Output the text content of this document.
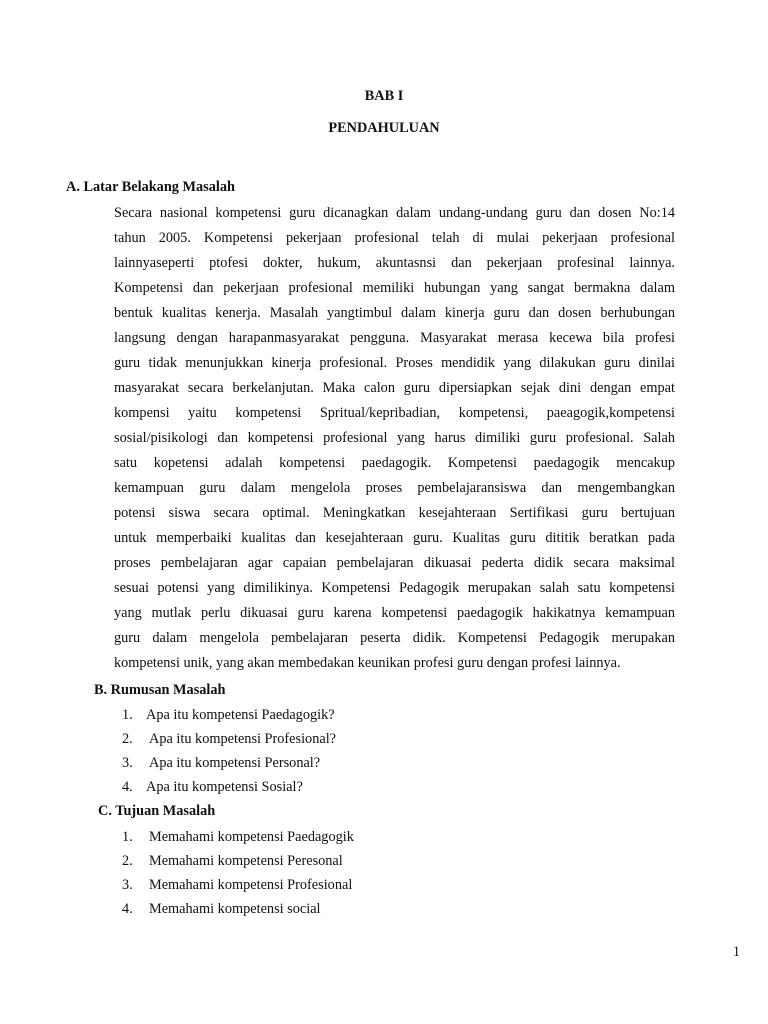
BAB I
PENDAHULUAN
A. Latar Belakang Masalah
Secara nasional kompetensi guru dicanagkan dalam undang-undang guru dan dosen No:14
tahun 2005. Kompetensi pekerjaan profesional telah di mulai pekerjaan profesional
lainnyaseperti ptofesi dokter, hukum, akuntasnsi dan pekerjaan profesinal lainnya.
Kompetensi dan pekerjaan profesional memiliki hubungan yang sangat bermakna dalam
bentuk kualitas kenerja. Masalah yangtimbul dalam kinerja guru dan dosen berhubungan
langsung dengan harapanmasyarakat pengguna. Masyarakat merasa kecewa bila profesi
guru tidak menunjukkan kinerja profesional. Proses mendidik yang dilakukan guru dinilai
masyarakat secara berkelanjutan. Maka calon guru dipersiapkan sejak dini dengan empat
kompensi yaitu kompetensi Spritual/kepribadian, kompetensi, paeagogik,kompetensi
sosial/pisikologi dan kompetensi profesional yang harus dimiliki guru profesional. Salah
satu kopetensi adalah kompetensi paedagogik. Kompetensi paedagogik mencakup
kemampuan guru dalam mengelola proses pembelajaransiswa dan mengembangkan
potensi siswa secara optimal. Meningkatkan kesejahteraan Sertifikasi guru bertujuan
untuk memperbaiki kualitas dan kesejahteraan guru. Kualitas guru dititik beratkan pada
proses pembelajaran agar capaian pembelajaran dikuasai pederta didik secara maksimal
sesuai potensi yang dimilikinya. Kompetensi Pedagogik merupakan salah satu kompetensi
yang mutlak perlu dikuasai guru karena kompetensi paedagogik hakikatnya kemampuan
guru dalam mengelola pembelajaran peserta didik. Kompetensi Pedagogik merupakan
kompetensi unik, yang akan membedakan keunikan profesi guru dengan profesi lainnya.
B. Rumusan Masalah
1. Apa itu kompetensi Paedagogik?
2.	Apa itu kompetensi Profesional?
3.	Apa itu kompetensi Personal?
4. Apa itu kompetensi Sosial?
C. Tujuan Masalah
1.	Memahami kompetensi Paedagogik
2.	Memahami kompetensi Peresonal
3.	Memahami kompetensi Profesional
4.	Memahami kompetensi social
1
